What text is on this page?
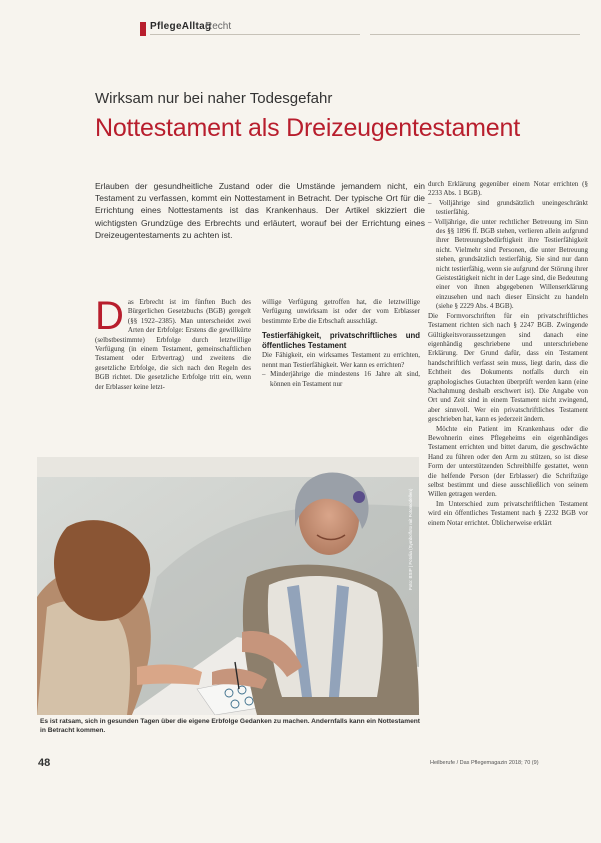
PflegeAlltag
Recht
Wirksam nur bei naher Todesgefahr
Nottestament als Dreizeugentestament
Erlauben der gesundheitliche Zustand oder die Umstände jemandem nicht, ein Testament zu verfassen, kommt ein Nottestament in Betracht. Der typische Ort für die Errichtung eines Nottestaments ist das Krankenhaus. Der Artikel skizziert die wichtigsten Grundzüge des Erbrechts und erläutert, worauf bei der Errichtung eines Dreizeugentestaments zu achten ist.
D as Erbrecht ist im fünften Buch des Bürgerlichen Gesetzbuchs (BGB) geregelt (§§ 1922–2385). Man unterscheidet zwei Arten der Erbfolge: Erstens die gewillkürte (selbstbestimmte) Erbfolge durch letztwillige Verfügung (in einem Testament, gemeinschaftlichen Testament oder Erbvertrag) und zweitens die gesetzliche Erbfolge, die sich nach den Regeln des BGB richtet. Die gesetzliche Erbfolge tritt ein, wenn der Erblasser keine letzt-

willige Verfügung getroffen hat, die letztwillige Verfügung unwirksam ist oder der vom Erblasser bestimmte Erbe die Erbschaft ausschlägt.

Testierfähigkeit, privatschriftliches und öffentliches Testament

Die Fähigkeit, ein wirksames Testament zu errichten, nennt man Testierfähigkeit. Wer kann es errichten?

– Minderjährige die mindestens 16 Jahre alt sind, können ein Testament nur

durch Erklärung gegenüber einem Notar errichten (§ 2233 Abs. 1 BGB).

– Volljährige sind grundsätzlich uneingeschränkt testierfähig.

– Volljährige, die unter rechtlicher Betreuung im Sinn des §§ 1896 ff. BGB stehen, verlieren allein aufgrund ihrer Betreuungsbedürftigkeit ihre Testierfähigkeit nicht. Vielmehr sind Personen, die unter Betreuung stehen, grundsätzlich testierfähig. Sie sind nur dann nicht testierfähig, wenn sie aufgrund der Störung ihrer Geistestätigkeit nicht in der Lage sind, die Bedeutung einer von ihnen abgegebenen Willenserklärung einzusehen und nach dieser Einsicht zu handeln (siehe § 2229 Abs. 4 BGB).

Die Formvorschriften für ein privatschriftliches Testament richten sich nach § 2247 BGB. Zwingende Gültigkeitsvoraussetzungen sind danach eine eigenhändig geschriebene und unterschriebene Erklärung. Der Grund dafür, dass ein Testament handschriftlich verfasst sein muss, liegt darin, dass die Echtheit des Dokuments notfalls durch ein graphologisches Gutachten überprüft werden kann (eine Nachahmung deshalb erschwert ist). Die Angabe von Ort und Zeit sind in einem Testament nicht zwingend, aber sinnvoll. Wer ein privatschriftliches Testament geschrieben hat, kann es jederzeit ändern.

Möchte ein Patient im Krankenhaus oder die Bewohnerin eines Pflegeheims ein eigenhändiges Testament errichten und bittet darum, die geschwächte Hand zu führen oder den Arm zu stützen, so ist diese Form der unterstützenden Schreibhilfe gestattet, wenn die helfende Person (der Erblasser) die Schriftzüge selbst bestimmt und diese ausschließlich von seinem Willen getragen werden.

Im Unterschied zum privatschriftlichen Testament wird ein öffentliches Testament nach § 2232 BGB vor einem Notar errichtet. Üblicherweise erklärt

Foto: BSIP | Fotolia (Symbolfoto mit Fotomodellen)
Es ist ratsam, sich in gesunden Tagen über die eigene Erbfolge Gedanken zu machen. Andernfalls kann ein Nottestament in Betracht kommen.
48	Heilberufe / Das Pflegemagazin 2018; 70 (9)
